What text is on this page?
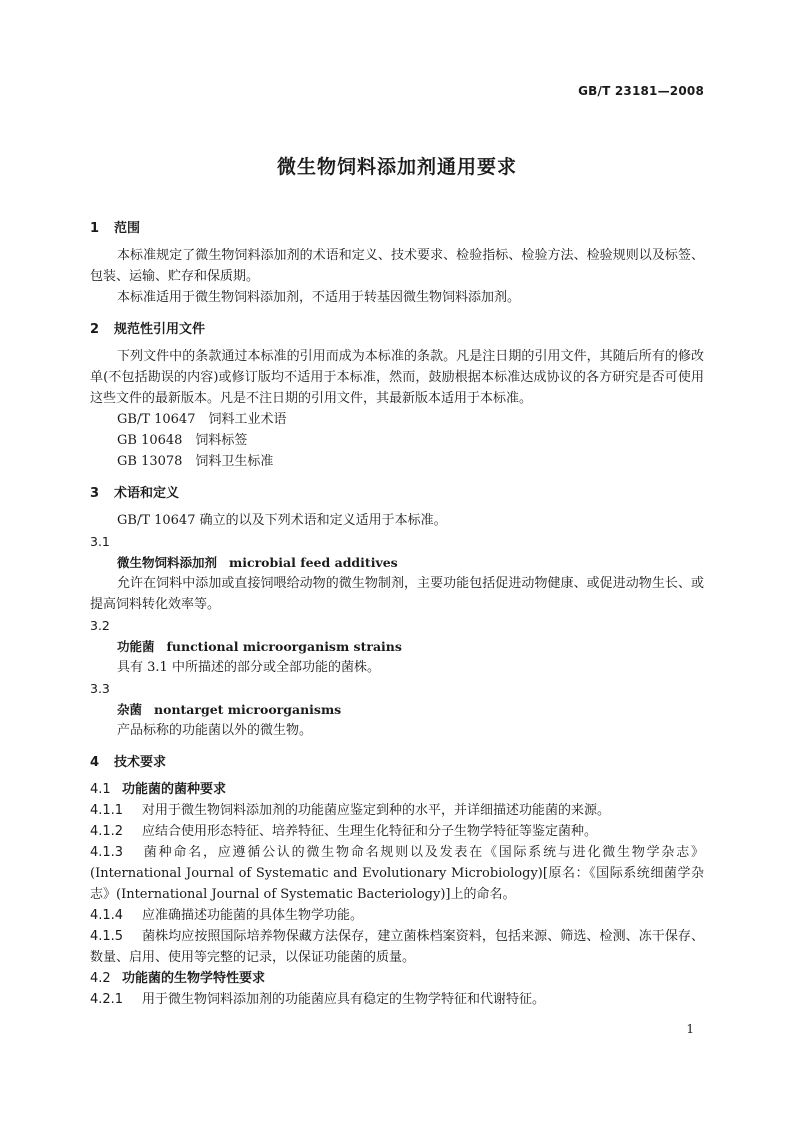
GB/T 23181—2008
微生物饲料添加剂通用要求
1 范围

本标准规定了微生物饲料添加剂的术语和定义、技术要求、检验指标、检验方法、检验规则以及标签、包装、运输、贮存和保质期。

本标准适用于微生物饲料添加剂，不适用于转基因微生物饲料添加剂。

2 规范性引用文件

下列文件中的条款通过本标准的引用而成为本标准的条款。凡是注日期的引用文件，其随后所有的修改单(不包括勘误的内容)或修订版均不适用于本标准，然而，鼓励根据本标准达成协议的各方研究是否可使用这些文件的最新版本。凡是不注日期的引用文件，其最新版本适用于本标准。

GB/T 10647　饲料工业术语

GB 10648　饲料标签

GB 13078　饲料卫生标准

3 术语和定义

GB/T 10647 确立的以及下列术语和定义适用于本标准。

3.1

微生物饲料添加剂 microbial feed additives

允许在饲料中添加或直接饲喂给动物的微生物制剂，主要功能包括促进动物健康、或促进动物生长、或提高饲料转化效率等。

3.2

功能菌 functional microorganism strains

具有 3.1 中所描述的部分或全部功能的菌株。

3.3

杂菌 nontarget microorganisms

产品标称的功能菌以外的微生物。

4 技术要求
4.1 功能菌的菌种要求

4.1.1 对用于微生物饲料添加剂的功能菌应鉴定到种的水平，并详细描述功能菌的来源。

4.1.2 应结合使用形态特征、培养特征、生理生化特征和分子生物学特征等鉴定菌种。

4.1.3 菌种命名，应遵循公认的微生物命名规则以及发表在《国际系统与进化微生物学杂志》(International Journal of Systematic and Evolutionary Microbiology)[原名：《国际系统细菌学杂志》(International Journal of Systematic Bacteriology)]上的命名。

4.1.4 应准确描述功能菌的具体生物学功能。

4.1.5 菌株均应按照国际培养物保藏方法保存，建立菌株档案资料，包括来源、筛选、检测、冻干保存、数量、启用、使用等完整的记录，以保证功能菌的质量。

4.2 功能菌的生物学特性要求

4.2.1 用于微生物饲料添加剂的功能菌应具有稳定的生物学特征和代谢特征。

1
